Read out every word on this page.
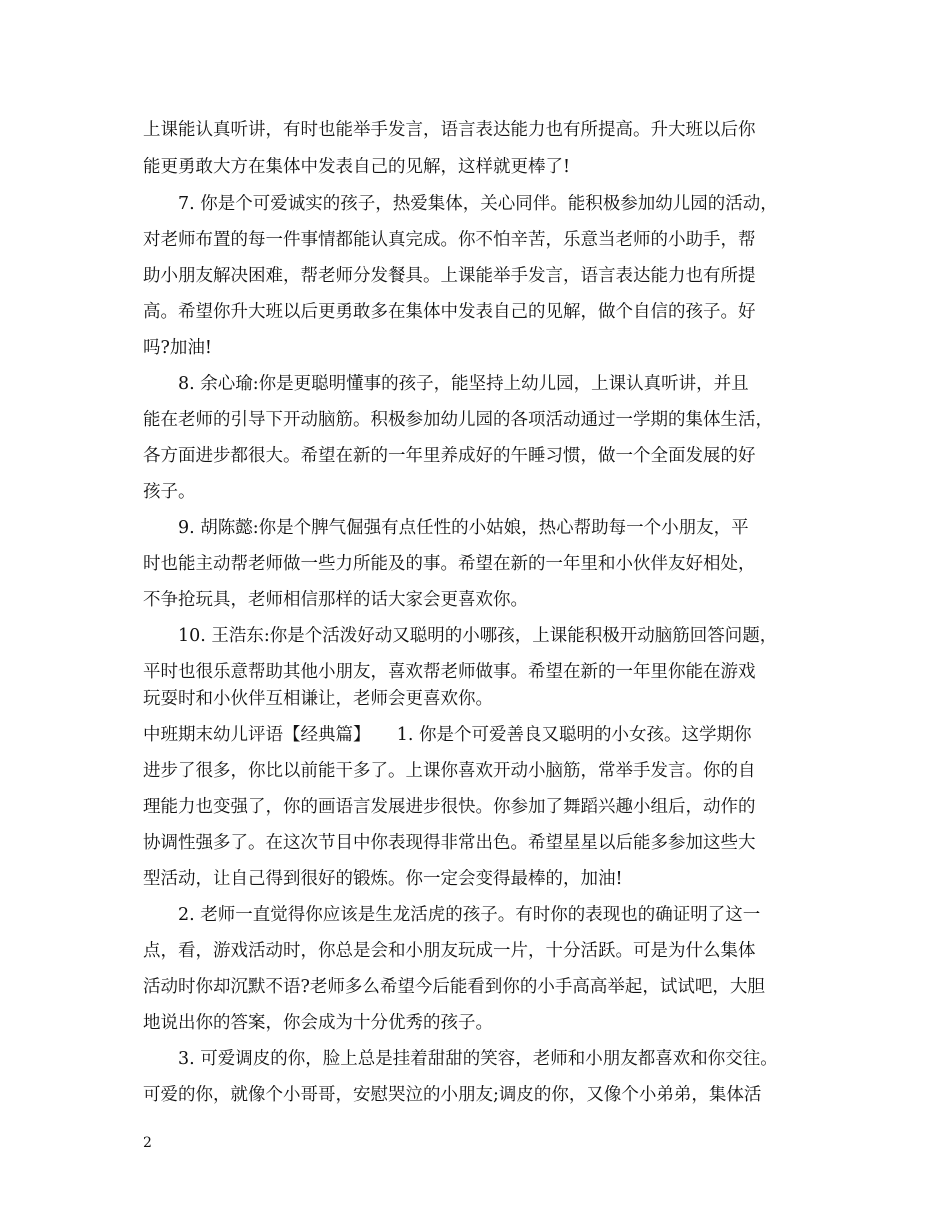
上课能认真听讲，有时也能举手发言，语言表达能力也有所提高。升大班以后你
能更勇敢大方在集体中发表自己的见解，这样就更棒了!
　　7. 你是个可爱诚实的孩子，热爱集体，关心同伴。能积极参加幼儿园的活动，
对老师布置的每一件事情都能认真完成。你不怕辛苦，乐意当老师的小助手，帮
助小朋友解决困难，帮老师分发餐具。上课能举手发言，语言表达能力也有所提
高。希望你升大班以后更勇敢多在集体中发表自己的见解，做个自信的孩子。好
吗?加油!
　　8. 余心瑜:你是更聪明懂事的孩子，能坚持上幼儿园，上课认真听讲，并且
能在老师的引导下开动脑筋。积极参加幼儿园的各项活动通过一学期的集体生活，
各方面进步都很大。希望在新的一年里养成好的午睡习惯，做一个全面发展的好
孩子。
　　9. 胡陈懿:你是个脾气倔强有点任性的小姑娘，热心帮助每一个小朋友，平
时也能主动帮老师做一些力所能及的事。希望在新的一年里和小伙伴友好相处，
不争抢玩具，老师相信那样的话大家会更喜欢你。
　　10. 王浩东:你是个活泼好动又聪明的小哪孩，上课能积极开动脑筋回答问题，
平时也很乐意帮助其他小朋友，喜欢帮老师做事。希望在新的一年里你能在游戏
玩耍时和小伙伴互相谦让，老师会更喜欢你。
中班期末幼儿评语【经典篇】　　1. 你是个可爱善良又聪明的小女孩。这学期你
进步了很多，你比以前能干多了。上课你喜欢开动小脑筋，常举手发言。你的自
理能力也变强了，你的画语言发展进步很快。你参加了舞蹈兴趣小组后，动作的
协调性强多了。在这次节目中你表现得非常出色。希望星星以后能多参加这些大
型活动，让自己得到很好的锻炼。你一定会变得最棒的，加油!
　　2. 老师一直觉得你应该是生龙活虎的孩子。有时你的表现也的确证明了这一
点，看，游戏活动时，你总是会和小朋友玩成一片，十分活跃。可是为什么集体
活动时你却沉默不语?老师多么希望今后能看到你的小手高高举起，试试吧，大胆
地说出你的答案，你会成为十分优秀的孩子。
　　3. 可爱调皮的你，脸上总是挂着甜甜的笑容，老师和小朋友都喜欢和你交往。
可爱的你，就像个小哥哥，安慰哭泣的小朋友;调皮的你，又像个小弟弟，集体活
2
